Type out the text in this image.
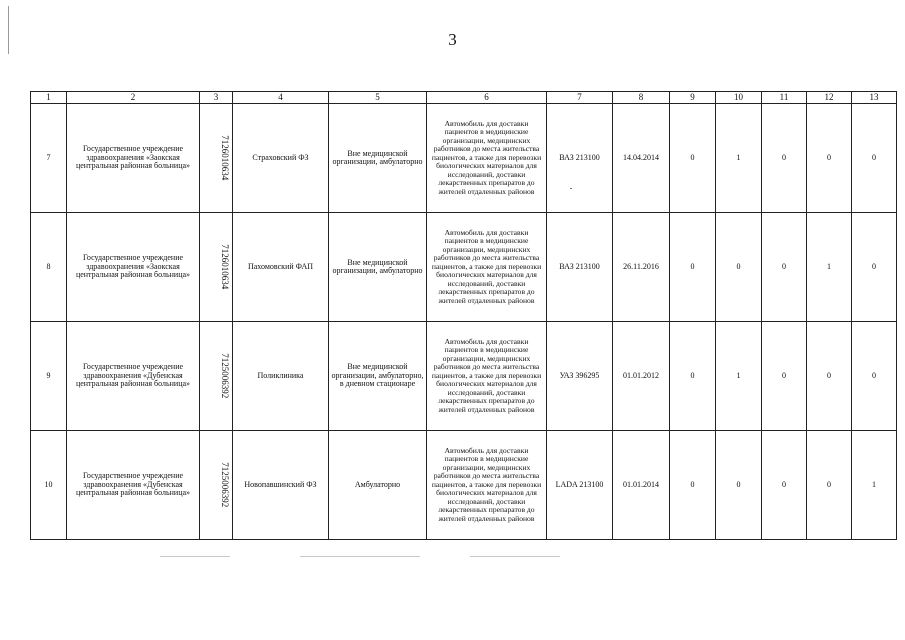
3
1	2	3	4	5	6	7	8	9	10	11	12	13
7	Государственное учреждение здравоохранения «Заокская центральная районная больница»	7126010634	Страховский ФЗ	Вне медицинской организации, амбулаторно	Автомобиль для доставки пациентов в медицинские организации, медицинских работников до места жительства пациентов, а также для перевозки биологических материалов для исследований, доставки лекарственных препаратов до жителей отдаленных районов	ВАЗ 213100	14.04.2014	0	1	0	0	0
8	Государственное учреждение здравоохранения «Заокская центральная районная больница»	7126010634	Пахомовский ФАП	Вне медицинской организации, амбулаторно	Автомобиль для доставки пациентов в медицинские организации, медицинских работников до места жительства пациентов, а также для перевозки биологических материалов для исследований, доставки лекарственных препаратов до жителей отдаленных районов	ВАЗ 213100	26.11.2016	0	0	0	1	0
9	Государственное учреждение здравоохранения «Дубенская центральная районная больница»	7125006392	Поликлиника	Вне медицинской организации, амбулаторно, в дневном стационаре	Автомобиль для доставки пациентов в медицинские организации, медицинских работников до места жительства пациентов, а также для перевозки биологических материалов для исследований, доставки лекарственных препаратов до жителей отдаленных районов	УАЗ 396295	01.01.2012	0	1	0	0	0
10	Государственное учреждение здравоохранения «Дубенская центральная районная больница»	7125006392	Новопавшинский ФЗ	Амбулаторно	Автомобиль для доставки пациентов в медицинские организации, медицинских работников до места жительства пациентов, а также для перевозки биологических материалов для исследований, доставки лекарственных препаратов до жителей отдаленных районов	LADA 213100	01.01.2014	0	0	0	0	1
